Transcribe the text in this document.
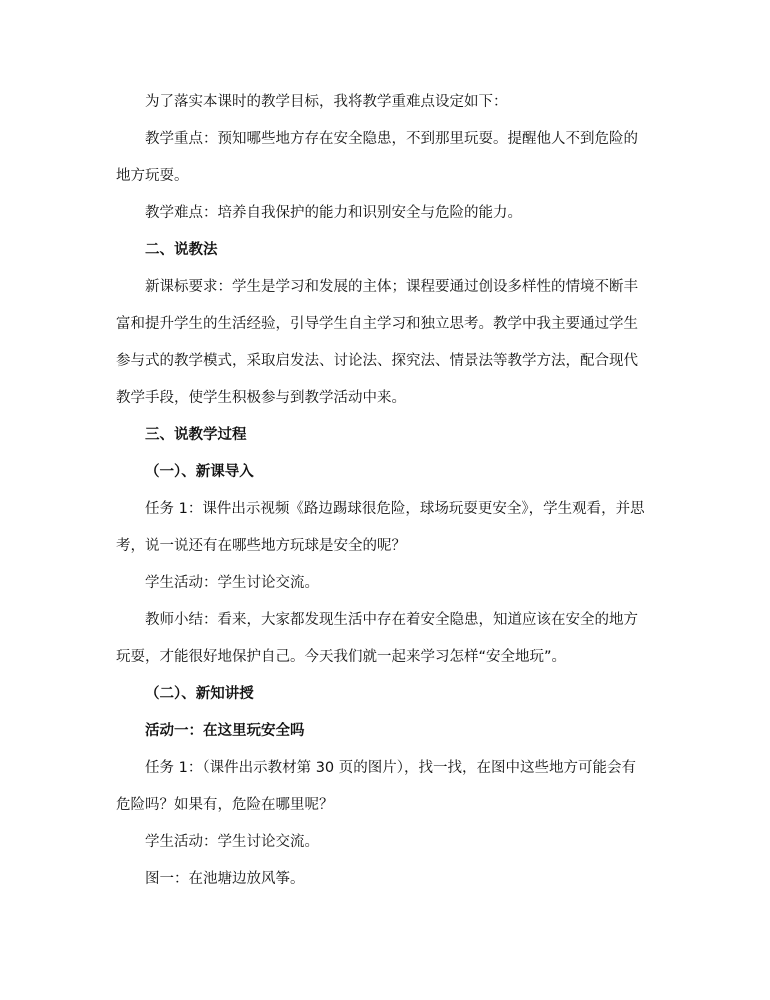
为了落实本课时的教学目标，我将教学重难点设定如下：

教学重点：预知哪些地方存在安全隐患，不到那里玩耍。提醒他人不到危险的地方玩耍。

教学难点：培养自我保护的能力和识别安全与危险的能力。

二、说教法

新课标要求：学生是学习和发展的主体；课程要通过创设多样性的情境不断丰富和提升学生的生活经验，引导学生自主学习和独立思考。教学中我主要通过学生参与式的教学模式，采取启发法、讨论法、探究法、情景法等教学方法，配合现代教学手段，使学生积极参与到教学活动中来。

三、说教学过程

（一）、新课导入

任务 1：课件出示视频《路边踢球很危险，球场玩耍更安全》，学生观看，并思考，说一说还有在哪些地方玩球是安全的呢？

学生活动：学生讨论交流。

教师小结：看来，大家都发现生活中存在着安全隐患，知道应该在安全的地方玩耍，才能很好地保护自己。今天我们就一起来学习怎样“安全地玩”。

（二）、新知讲授

活动一：在这里玩安全吗

任务 1：（课件出示教材第 30 页的图片），找一找，在图中这些地方可能会有危险吗？如果有，危险在哪里呢？

学生活动：学生讨论交流。

图一：在池塘边放风筝。
